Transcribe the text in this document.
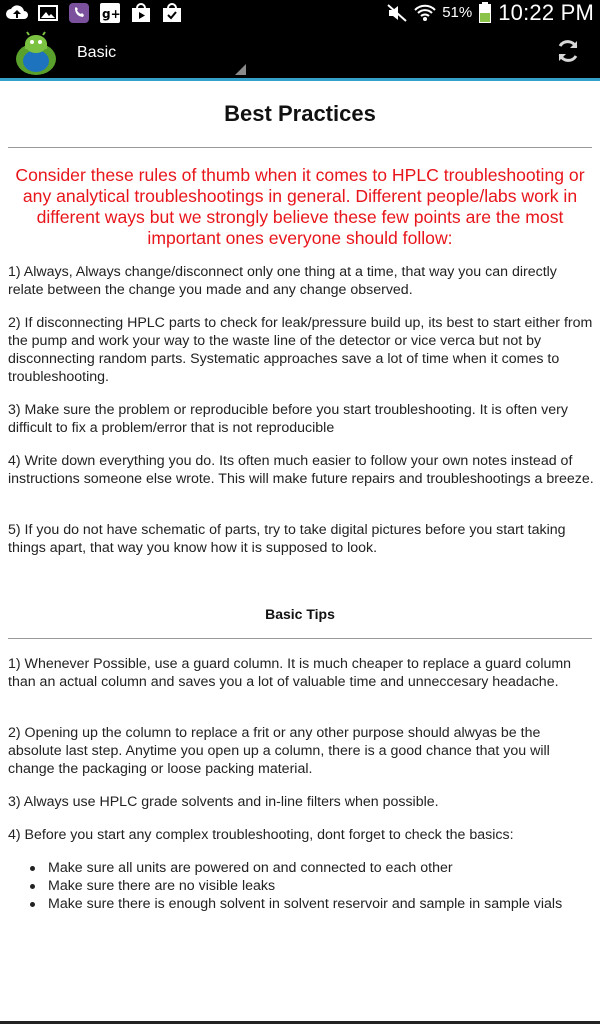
g+	51% 10:22 PM
Basic
Best Practices
Consider these rules of thumb when it comes to HPLC troubleshooting or any analytical troubleshootings in general. Different people/labs work in different ways but we strongly believe these few points are the most important ones everyone should follow:
1) Always, Always change/disconnect only one thing at a time, that way you can directly relate between the change you made and any change observed.
2) If disconnecting HPLC parts to check for leak/pressure build up, its best to start either from the pump and work your way to the waste line of the detector or vice verca but not by disconnecting random parts. Systematic approaches save a lot of time when it comes to troubleshooting.
3) Make sure the problem or reproducible before you start troubleshooting. It is often very difficult to fix a problem/error that is not reproducible
4) Write down everything you do. Its often much easier to follow your own notes instead of instructions someone else wrote. This will make future repairs and troubleshootings a breeze.
5) If you do not have schematic of parts, try to take digital pictures before you start taking things apart, that way you know how it is supposed to look.
Basic Tips
1) Whenever Possible, use a guard column. It is much cheaper to replace a guard column than an actual column and saves you a lot of valuable time and unneccesary headache.
2) Opening up the column to replace a frit or any other purpose should alwyas be the absolute last step. Anytime you open up a column, there is a good chance that you will change the packaging or loose packing material.
3) Always use HPLC grade solvents and in-line filters when possible.
4) Before you start any complex troubleshooting, dont forget to check the basics:
Make sure all units are powered on and connected to each other
Make sure there are no visible leaks
Make sure there is enough solvent in solvent reservoir and sample in sample vials
